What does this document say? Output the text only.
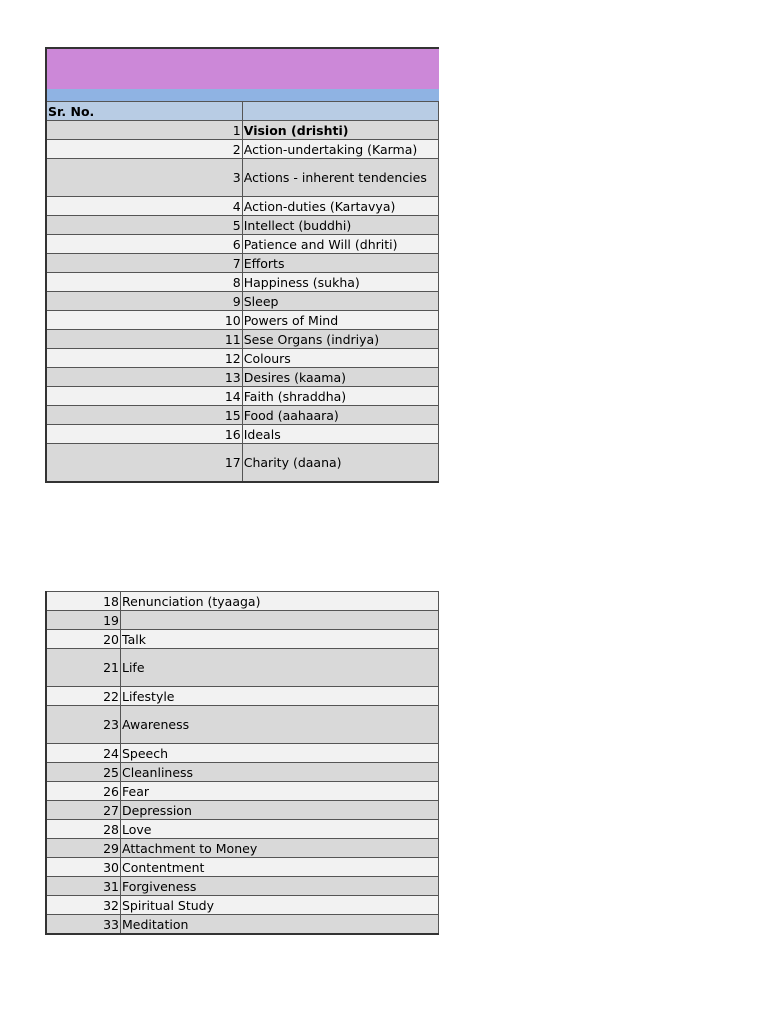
Sr. No.	
1	Vision (drishti)
2	Action-undertaking (Karma)
3	Actions - inherent tendencies
4	Action-duties (Kartavya)
5	Intellect (buddhi)
6	Patience and Will (dhriti)
7	Efforts
8	Happiness (sukha)
9	Sleep
10	Powers of Mind
11	Sese Organs (indriya)
12	Colours
13	Desires (kaama)
14	Faith (shraddha)
15	Food (aahaara)
16	Ideals
17	Charity (daana)
18	Renunciation (tyaaga)
19	
20	Talk
21	Life
22	Lifestyle
23	Awareness
24	Speech
25	Cleanliness
26	Fear
27	Depression
28	Love
29	Attachment to Money
30	Contentment
31	Forgiveness
32	Spiritual Study
33	Meditation
